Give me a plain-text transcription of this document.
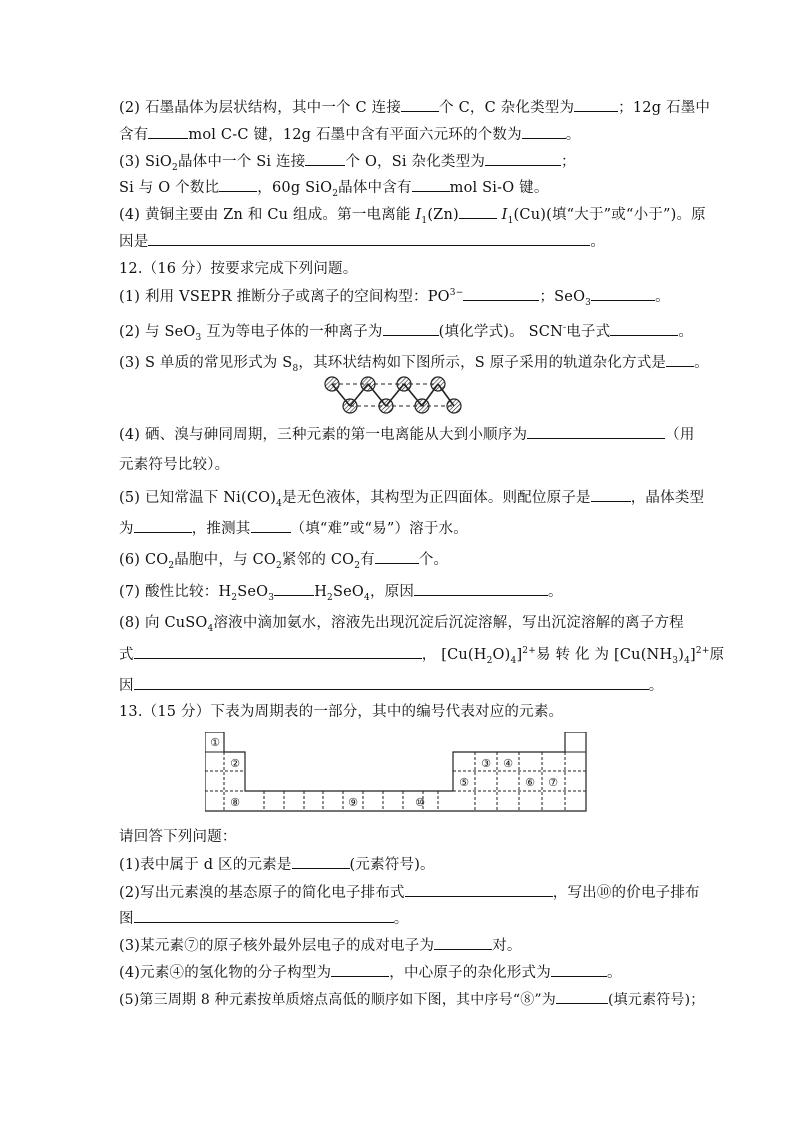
(2) 石墨晶体为层状结构，其中一个 C 连接	个 C，C 杂化类型为	；12g 石墨中
含有	mol C-C 键，12g 石墨中含有平面六元环的个数为	。
(3) SiO$_2$晶体中一个 Si 连接	个 O，Si 杂化类型为	；
Si 与 O 个数比	，60g SiO$_2$晶体中含有	mol Si-O 键。
(4) 黄铜主要由 Zn 和 Cu 组成。第一电离能 $I_1(Zn)$	$I_1(Cu)$(填“大于”或“小于”)。原
因是	。
12.（16 分）按要求完成下列问题。
(1) 利用 VSEPR 推断分子或离子的空间构型：$PO^{3-}$	；SeO$_3$	。
(2) 与 SeO$_3$ 互为等电子体的一种离子为	(填化学式)。 SCN-电子式	。
(3) S 单质的常见形式为 $S_8$，其环状结构如下图所示，S 原子采用的轨道杂化方式是 。
(4) 硒、溴与砷同周期，三种元素的第一电离能从大到小顺序为	（用
元素符号比较）。
(5) 已知常温下 $Ni(CO)_4$是无色液体，其构型为正四面体。则配位原子是	，晶体类型
为	，推测其	（填“难”或“易”）溶于水。
(6) $CO_2$晶胞中，与 $CO_2$紧邻的 $CO_2$有	个。
(7) 酸性比较：$H_2SeO_3$	$H_2SeO_4$，原因	。
(8) 向 CuSO$_4$溶液中滴加氨水，溶液先出现沉淀后沉淀溶解，写出沉淀溶解的离子方程
式	， $[Cu(H_2O)_4]^{2+}$易 转 化 为 $[Cu(NH_3)_4]^{2+}$原
因	。
13.（15 分）下表为周期表的一部分，其中的编号代表对应的元素。
①
②	③ ④
⑤	⑥ ⑦
⑧	⑨	⑩
请回答下列问题：
(1)表中属于 d 区的元素是	(元素符号)。
(2)写出元素溴的基态原子的简化电子排布式	，写出⑩的价电子排布
图	。
(3)某元素⑦的原子核外最外层电子的成对电子为	对。
(4)元素④的氢化物的分子构型为	，中心原子的杂化形式为	。
(5)第三周期 8 种元素按单质熔点高低的顺序如下图，其中序号“⑧”为	(填元素符号)；
